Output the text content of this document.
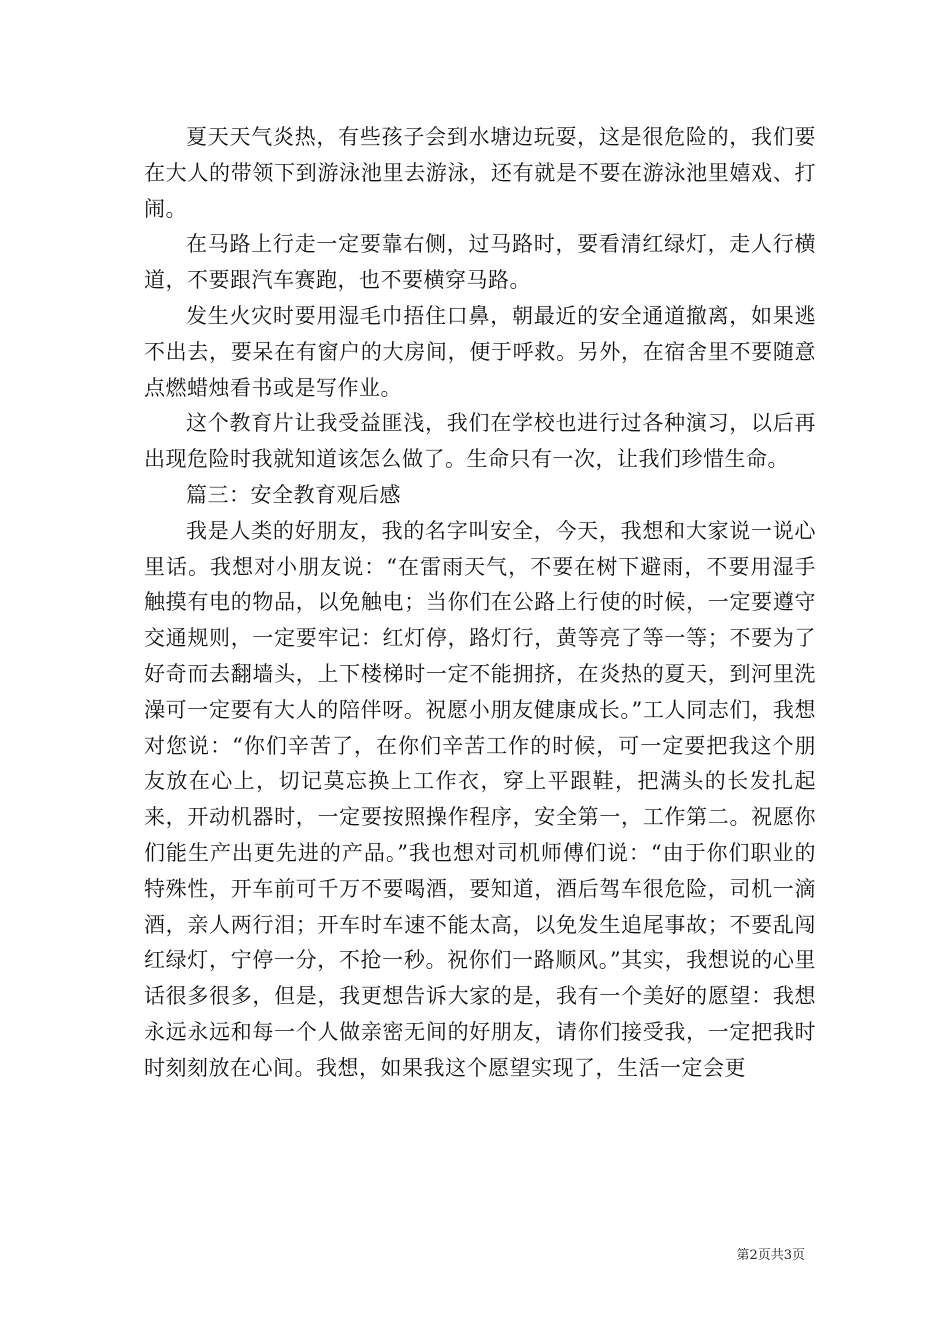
夏天天气炎热，有些孩子会到水塘边玩耍，这是很危险的，我们要在大人的带领下到游泳池里去游泳，还有就是不要在游泳池里嬉戏、打闹。

在马路上行走一定要靠右侧，过马路时，要看清红绿灯，走人行横道，不要跟汽车赛跑，也不要横穿马路。

发生火灾时要用湿毛巾捂住口鼻，朝最近的安全通道撤离，如果逃不出去，要呆在有窗户的大房间，便于呼救。另外，在宿舍里不要随意点燃蜡烛看书或是写作业。

这个教育片让我受益匪浅，我们在学校也进行过各种演习，以后再出现危险时我就知道该怎么做了。生命只有一次，让我们珍惜生命。

篇三：安全教育观后感

我是人类的好朋友，我的名字叫安全，今天，我想和大家说一说心里话。我想对小朋友说：“在雷雨天气，不要在树下避雨，不要用湿手触摸有电的物品，以免触电；当你们在公路上行使的时候，一定要遵守交通规则，一定要牢记：红灯停，路灯行，黄等亮了等一等；不要为了好奇而去翻墙头，上下楼梯时一定不能拥挤，在炎热的夏天，到河里洗澡可一定要有大人的陪伴呀。祝愿小朋友健康成长。”工人同志们，我想对您说：“你们辛苦了，在你们辛苦工作的时候，可一定要把我这个朋友放在心上，切记莫忘换上工作衣，穿上平跟鞋，把满头的长发扎起来，开动机器时，一定要按照操作程序，安全第一，工作第二。祝愿你们能生产出更先进的产品。”我也想对司机师傅们说：“由于你们职业的特殊性，开车前可千万不要喝酒，要知道，酒后驾车很危险，司机一滴酒，亲人两行泪；开车时车速不能太高，以免发生追尾事故；不要乱闯红绿灯，宁停一分，不抢一秒。祝你们一路顺风。”其实，我想说的心里话很多很多，但是，我更想告诉大家的是，我有一个美好的愿望：我想永远永远和每一个人做亲密无间的好朋友，请你们接受我，一定把我时时刻刻放在心间。我想，如果我这个愿望实现了，生活一定会更

第2页共3页
